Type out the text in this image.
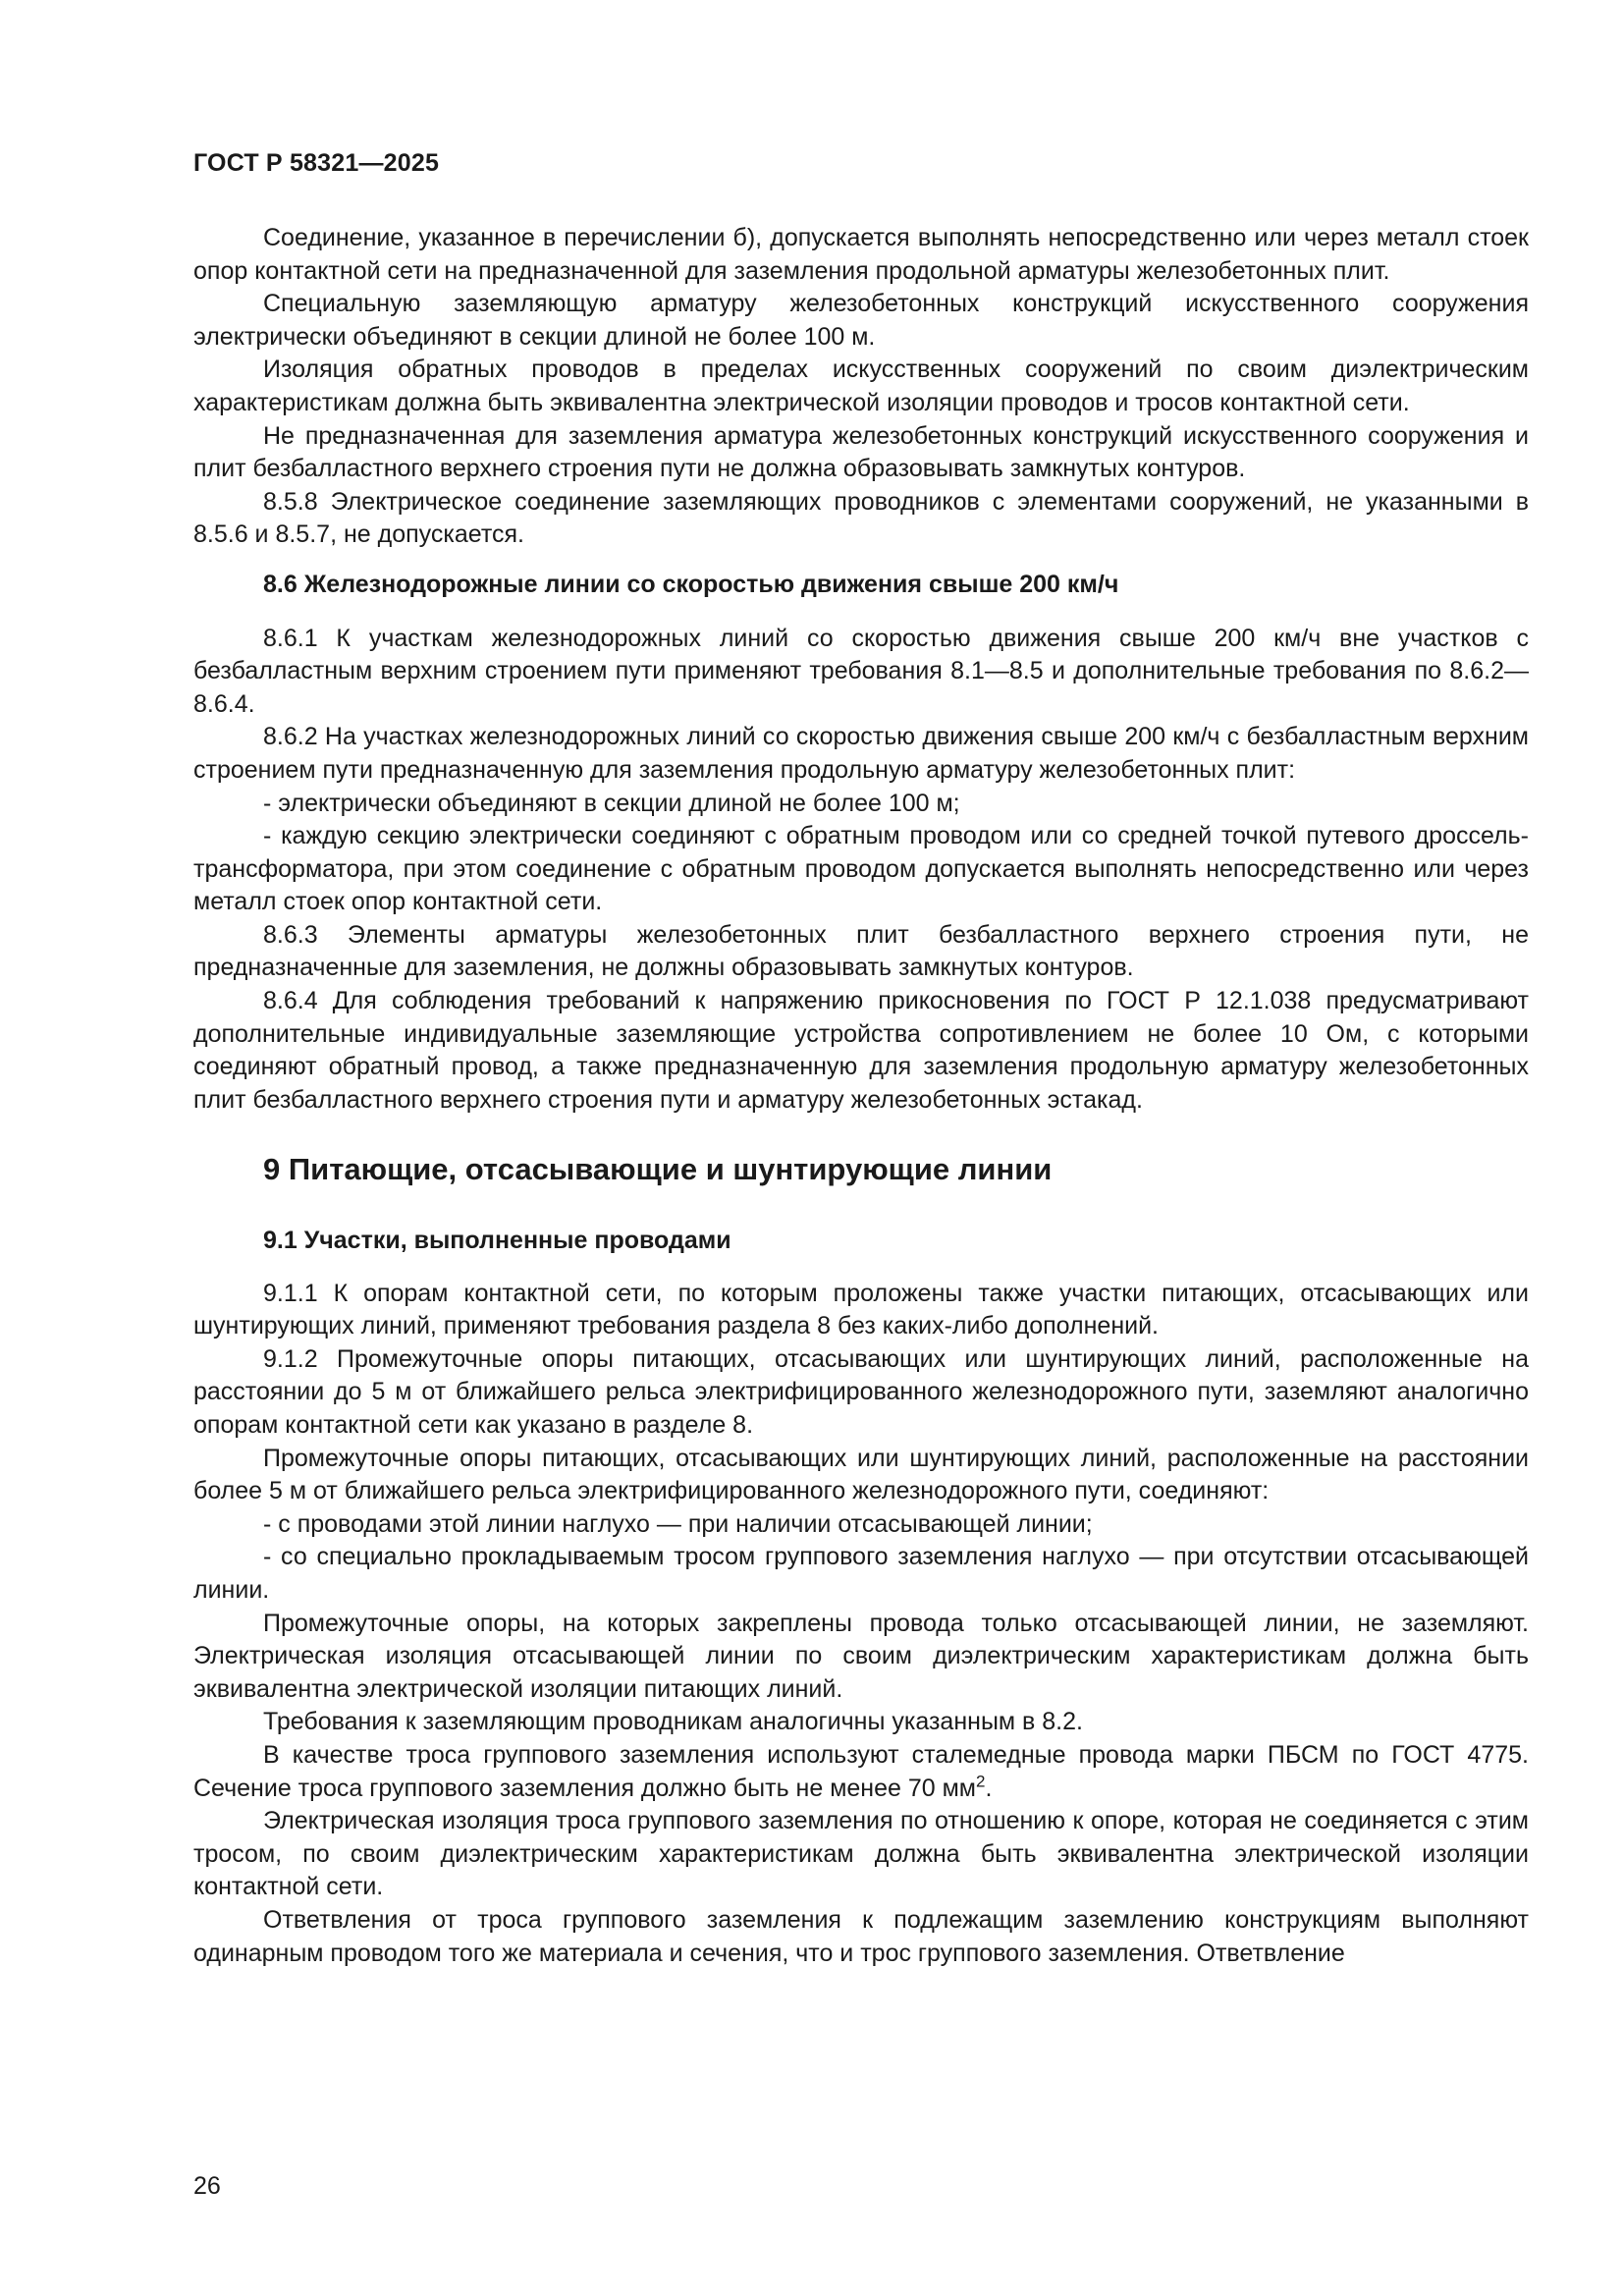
ГОСТ Р 58321—2025

Соединение, указанное в перечислении б), допускается выполнять непосредственно или через металл стоек опор контактной сети на предназначенной для заземления продольной арматуры железобетонных плит.

Специальную заземляющую арматуру железобетонных конструкций искусственного сооружения электрически объединяют в секции длиной не более 100 м.

Изоляция обратных проводов в пределах искусственных сооружений по своим диэлектрическим характеристикам должна быть эквивалентна электрической изоляции проводов и тросов контактной сети.

Не предназначенная для заземления арматура железобетонных конструкций искусственного сооружения и плит безбалластного верхнего строения пути не должна образовывать замкнутых контуров.

8.5.8 Электрическое соединение заземляющих проводников с элементами сооружений, не указанными в 8.5.6 и 8.5.7, не допускается.

8.6 Железнодорожные линии со скоростью движения свыше 200 км/ч

8.6.1 К участкам железнодорожных линий со скоростью движения свыше 200 км/ч вне участков с безбалластным верхним строением пути применяют требования 8.1—8.5 и дополнительные требования по 8.6.2— 8.6.4.

8.6.2 На участках железнодорожных линий со скоростью движения свыше 200 км/ч с безбалластным верхним строением пути предназначенную для заземления продольную арматуру железобетонных плит:

- электрически объединяют в секции длиной не более 100 м;

- каждую секцию электрически соединяют с обратным проводом или со средней точкой путевого дроссель-трансформатора, при этом соединение с обратным проводом допускается выполнять непосредственно или через металл стоек опор контактной сети.

8.6.3 Элементы арматуры железобетонных плит безбалластного верхнего строения пути, не предназначенные для заземления, не должны образовывать замкнутых контуров.

8.6.4 Для соблюдения требований к напряжению прикосновения по ГОСТ Р 12.1.038 предусматривают дополнительные индивидуальные заземляющие устройства сопротивлением не более 10 Ом, с которыми соединяют обратный провод, а также предназначенную для заземления продольную арматуру железобетонных плит безбалластного верхнего строения пути и арматуру железобетонных эстакад.

9 Питающие, отсасывающие и шунтирующие линии
9.1 Участки, выполненные проводами

9.1.1 К опорам контактной сети, по которым проложены также участки питающих, отсасывающих или шунтирующих линий, применяют требования раздела 8 без каких-либо дополнений.

9.1.2 Промежуточные опоры питающих, отсасывающих или шунтирующих линий, расположенные на расстоянии до 5 м от ближайшего рельса электрифицированного железнодорожного пути, заземляют аналогично опорам контактной сети как указано в разделе 8.

Промежуточные опоры питающих, отсасывающих или шунтирующих линий, расположенные на расстоянии более 5 м от ближайшего рельса электрифицированного железнодорожного пути, соединяют:

- с проводами этой линии наглухо — при наличии отсасывающей линии;

- со специально прокладываемым тросом группового заземления наглухо — при отсутствии отсасывающей линии.

Промежуточные опоры, на которых закреплены провода только отсасывающей линии, не заземляют. Электрическая изоляция отсасывающей линии по своим диэлектрическим характеристикам должна быть эквивалентна электрической изоляции питающих линий.

Требования к заземляющим проводникам аналогичны указанным в 8.2.

В качестве троса группового заземления используют сталемедные провода марки ПБСМ по ГОСТ 4775. Сечение троса группового заземления должно быть не менее 70 $мм^2$.

Электрическая изоляция троса группового заземления по отношению к опоре, которая не соединяется с этим тросом, по своим диэлектрическим характеристикам должна быть эквивалентна электрической изоляции контактной сети.

Ответвления от троса группового заземления к подлежащим заземлению конструкциям выполняют одинарным проводом того же материала и сечения, что и трос группового заземления. Ответвление

26
